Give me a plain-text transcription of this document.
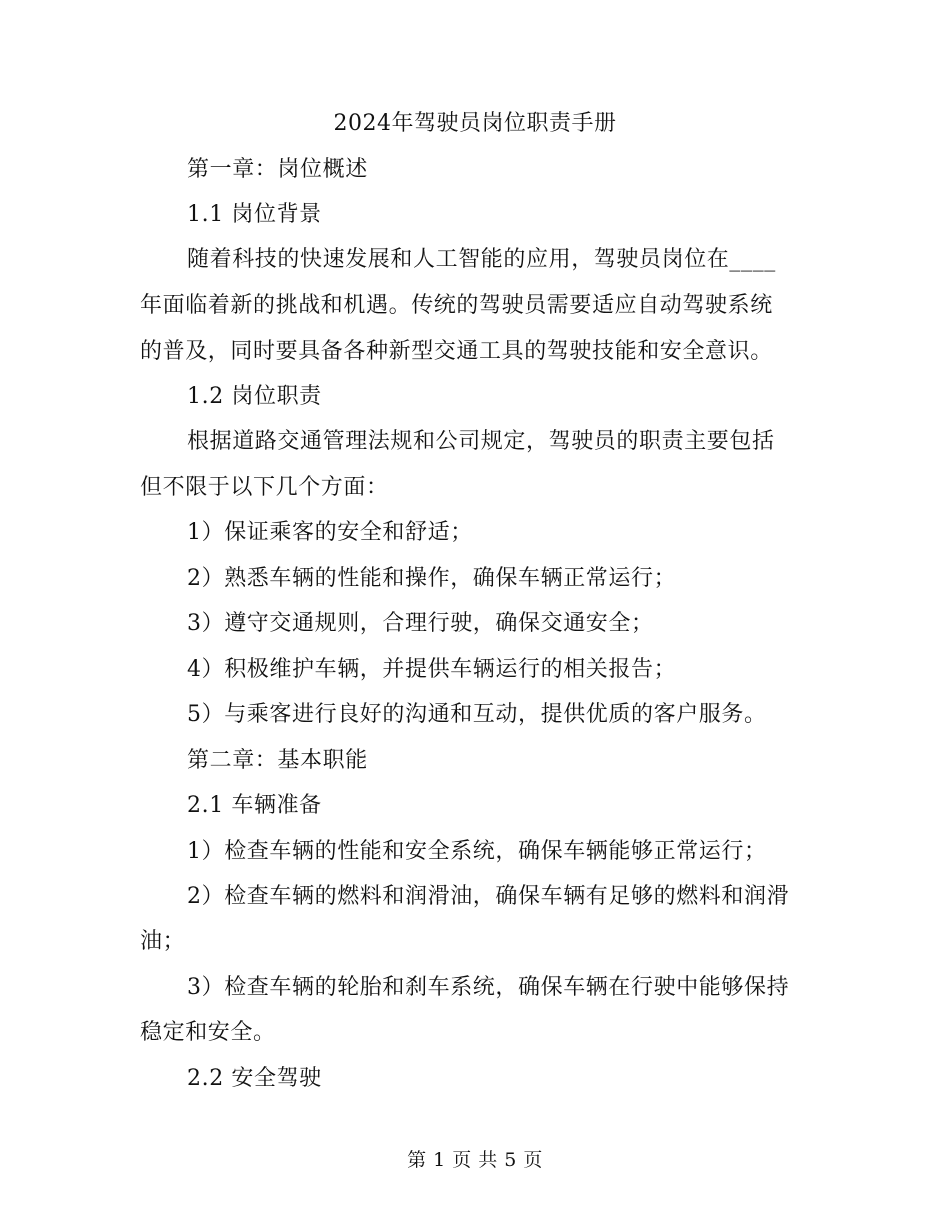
2024年驾驶员岗位职责手册
第一章：岗位概述
1.1 岗位背景
随着科技的快速发展和人工智能的应用，驾驶员岗位在____
年面临着新的挑战和机遇。传统的驾驶员需要适应自动驾驶系统
的普及，同时要具备各种新型交通工具的驾驶技能和安全意识。
1.2 岗位职责
根据道路交通管理法规和公司规定，驾驶员的职责主要包括
但不限于以下几个方面：
1）保证乘客的安全和舒适；
2）熟悉车辆的性能和操作，确保车辆正常运行；
3）遵守交通规则，合理行驶，确保交通安全；
4）积极维护车辆，并提供车辆运行的相关报告；
5）与乘客进行良好的沟通和互动，提供优质的客户服务。
第二章：基本职能
2.1 车辆准备
1）检查车辆的性能和安全系统，确保车辆能够正常运行；
2）检查车辆的燃料和润滑油，确保车辆有足够的燃料和润滑
油；
3）检查车辆的轮胎和刹车系统，确保车辆在行驶中能够保持
稳定和安全。
2.2 安全驾驶
第 1 页 共 5 页
